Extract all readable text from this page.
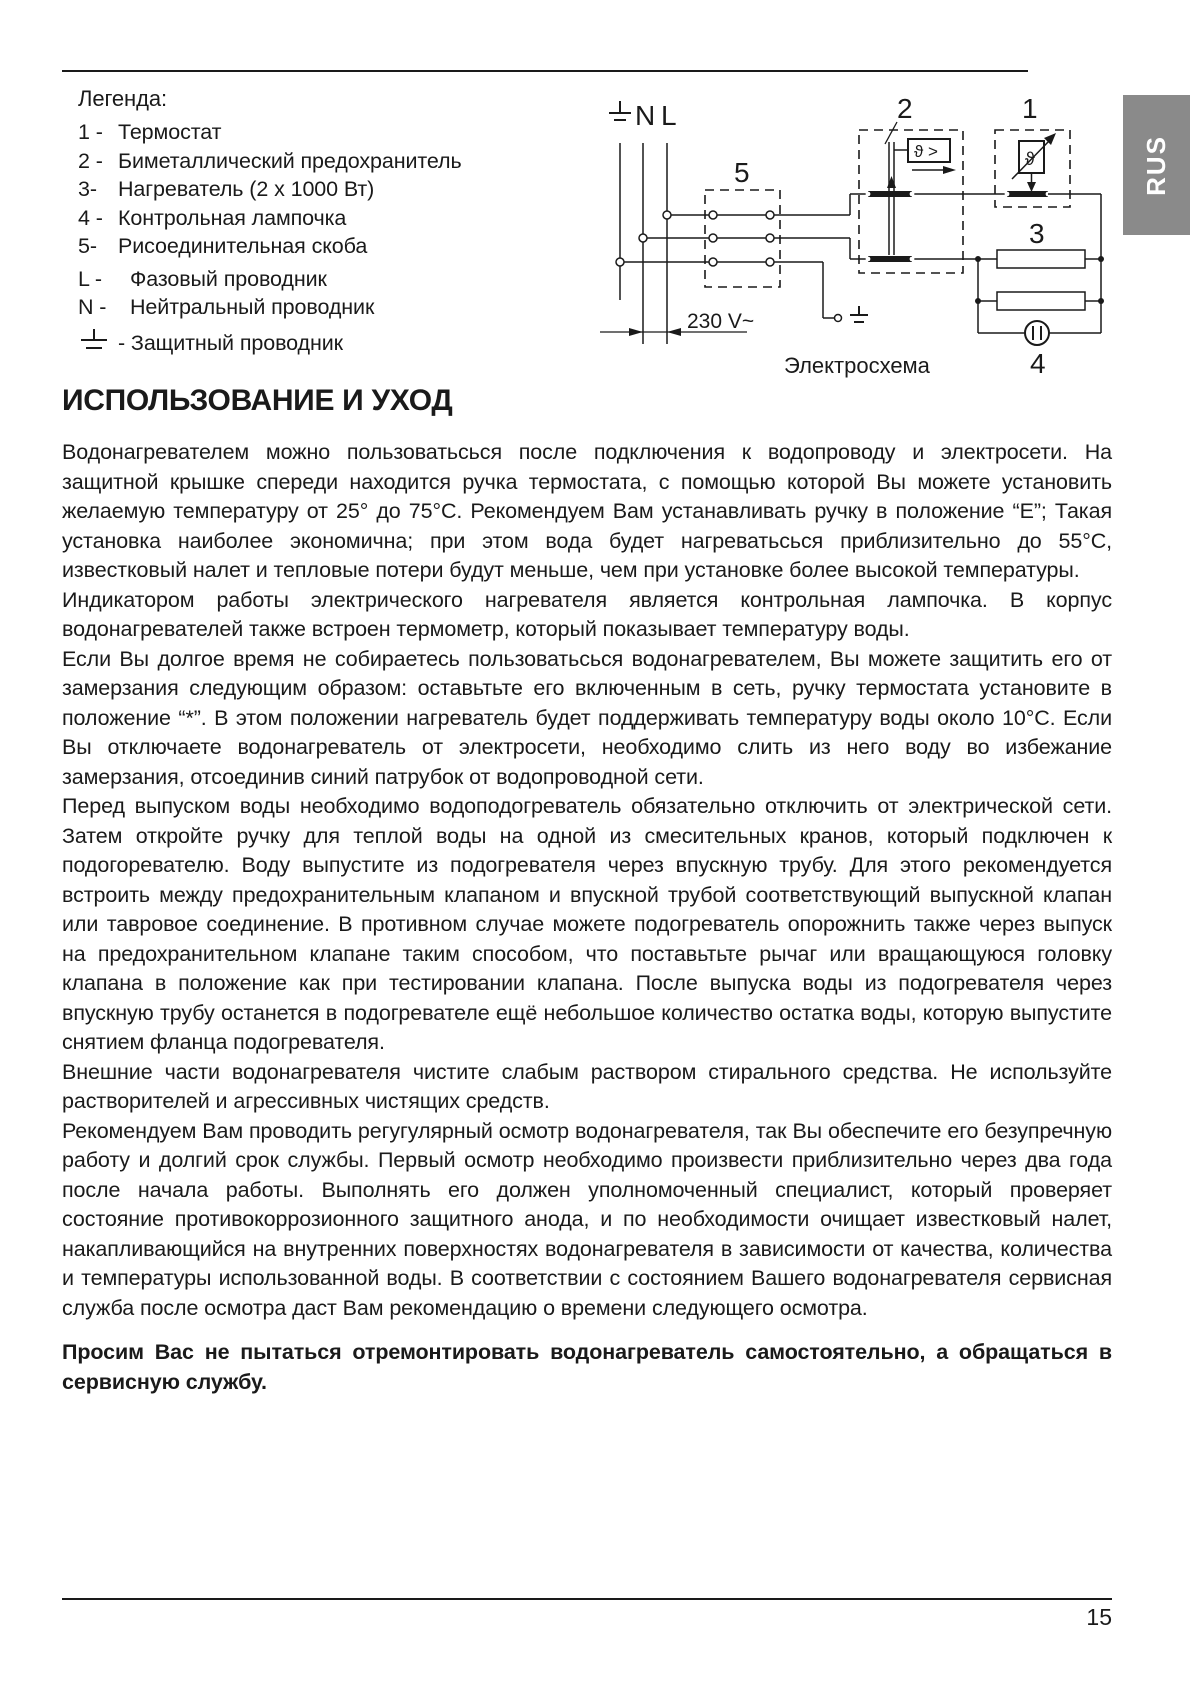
Легенда:

1 - Термостат
2 - Биметаллический предохранитель
3- Нагреватель (2 x 1000 Вт)
4 - Контрольная лампочка
5- Рисоединительная скоба
L -	Фазовый проводник
N -	Нейтральный проводник
- Защитный проводник
N L
5
2
ϑ >
1
ϑ
3
4
230 V~
Электросхема
RUS
ИСПОЛЬЗОВАНИЕ И УХОД

Водонагревателем можно пользоватьсься после подключения к водопроводу и электросети. На защитной крышке спереди находится ручка термостата, с помощью которой Вы можете установить желаемую температуру от 25° до 75°С. Рекомендуем Вам устанавливать ручку в положение “E”; Такая установка наиболее экономична; при этом вода будет нагреватьсься приблизительно до 55°С, известковый налет и тепловые потери будут меньше, чем при установке более высокой температуры.

Индикатором работы электрического нагревателя является контрольная лампочка. В корпус водонагревателей также встроен термометр, который показывает температуру воды.

Если Вы долгое время не собираетесь пользоватьсься водонагревателем, Вы можете защитить его от замерзания следующим образом: оставьтьте его включенным в сеть, ручку термостата установите в положение “*”. В этом положении нагреватель будет поддерживать температуру воды около 10°С. Если Вы отключаете водонагреватель от электросети, необходимо слить из него воду во избежание замерзания, отсоединив синий патрубок от водопроводной сети.

Перед выпуском воды необходимо водоподогреватель обязательно отключить от электрической сети. Затем откройте ручку для теплой воды на одной из смесительных кранов, который подключен к подогоревателю. Воду выпустите из подогревателя через впускную трубу. Для этого рекомендуется встроить между предохранительным клапаном и впускной трубой соответствующий выпускной клапан или тавровое соединение. В противном случае можете подогреватель опорожнить также через выпуск на предохранительном клапане таким способом, что поставьтьте рычаг или вращающуюся головку клапана в положение как при тестировании клапана. После выпуска воды из подогревателя через впускную трубу останется в подогревателе ещё небольшое количество остатка воды, которую выпустите снятием фланца подогревателя.

Внешние части водонагревателя чистите слабым раствором стирального средства. Не используйте растворителей и агрессивных чистящих средств.

Рекомендуем Вам проводить регугулярный осмотр водонагревателя, так Вы обеспечите его безупречную работу и долгий срок службы. Первый осмотр необходимо произвести приблизительно через два года после начала работы. Выполнять его должен уполномоченный специалист, который проверяет состояние противокоррозионного защитного анода, и по необходимости очищает известковый налет, накапливающийся на внутренних поверхностях водонагревателя в зависимости от качества, количества и температуры использованной воды. В соответствии с состоянием Вашего водонагревателя сервисная служба после осмотра даст Вам рекомендацию о времени следующего осмотра.

Просим Вас не пытаться отремонтировать водонагреватель самостоятельно, а обращаться в сервисную службу.

15
